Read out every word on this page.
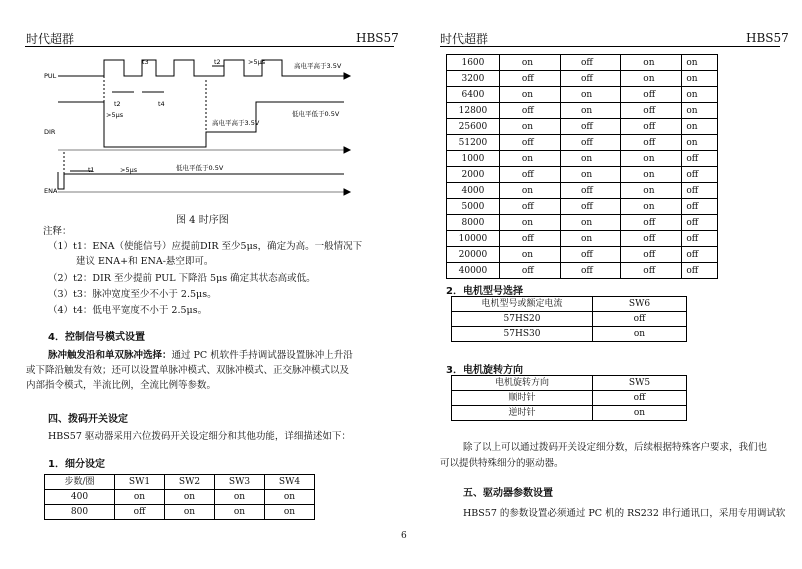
时代超群	HBS57	时代超群	HBS57
PUL
DIR
ENA
t3	t2	>5μs	高电平高于3.5V
>5μs
t2	t4
低电平低于0.5V
高电平高于3.5V
t1	>5μs	低电平低于0.5V
图 4 时序图
注释：
（1）t1：ENA（使能信号）应提前DIR 至少5μs，确定为高。一般情况下
建议 ENA+和 ENA-悬空即可。
（2）t2：DIR 至少提前 PUL 下降沿 5μs 确定其状态高或低。
（3）t3：脉冲宽度至少不小于 2.5μs。
（4）t4：低电平宽度不小于 2.5μs。
4．控制信号模式设置
脉冲触发沿和单双脉冲选择：通过 PC 机软件手持调试器设置脉冲上升沿
或下降沿触发有效；还可以设置单脉冲模式、双脉冲模式、正交脉冲模式以及
内部指令模式，半流比例，全流比例等参数。
四、拨码开关设定
HBS57 驱动器采用六位拨码开关设定细分和其他功能，详细描述如下：
1．细分设定
步数/圈	SW1	SW2	SW3	SW4
400	on	on	on	on
800	off	on	on	on
6
1600	on	off	on	on
3200	off	off	on	on
6400	on	on	off	on
12800	off	on	off	on
25600	on	off	off	on
51200	off	off	off	on
1000	on	on	on	off
2000	off	on	on	off
4000	on	off	on	off
5000	off	off	on	off
8000	on	on	off	off
10000	off	on	off	off
20000	on	off	off	off
40000	off	off	off	off
2．电机型号选择
电机型号或额定电流	SW6
57HS20	off
57HS30	on
3．电机旋转方向
电机旋转方向	SW5
顺时针	off
逆时针	on
除了以上可以通过拨码开关设定细分数，后续根据特殊客户要求，我们也
可以提供特殊细分的驱动器。
五、驱动器参数设置
HBS57 的参数设置必须通过 PC 机的 RS232 串行通讯口，采用专用调试软
